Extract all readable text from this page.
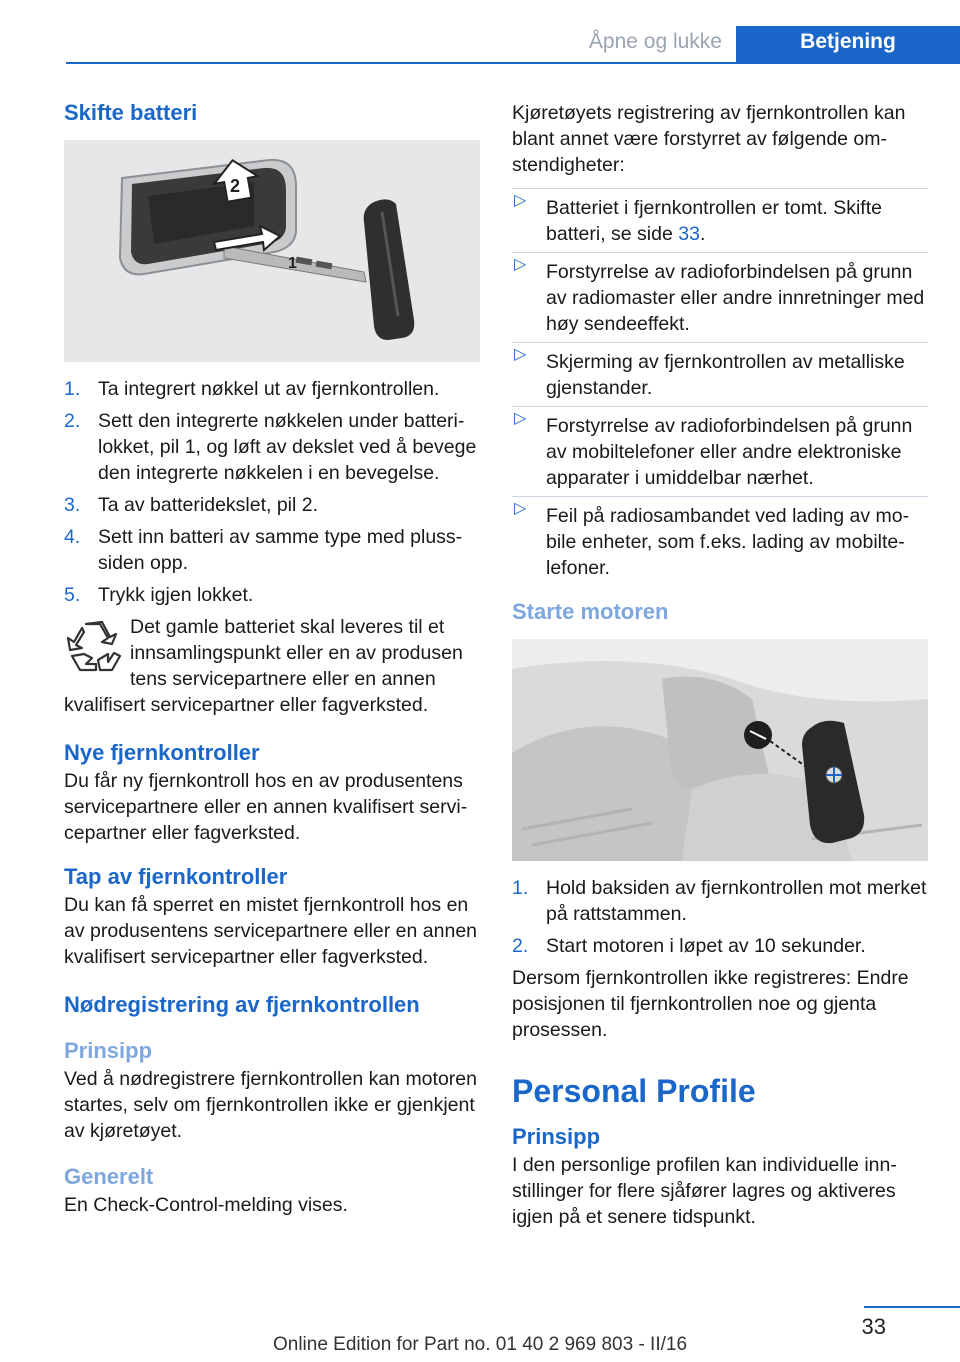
Åpne og lukke	Betjening
Skifte batteri
1
2
1. Ta integrert nøkkel ut av fjernkontrollen.
2. Sett den integrerte nøkkelen under batterilokket, pil 1, og løft av dekslet ved å bevege den integrerte nøkkelen i en bevegelse.
3. Ta av batteridekslet, pil 2.
4. Sett inn batteri av samme type med plusssiden opp.
5. Trykk igjen lokket.
Det gamle batteriet skal leveres til et
innsamlingspunkt eller en av produsen
tens servicepartnere eller en annen
kvalifisert servicepartner eller fagverksted.
Nye fjernkontroller

Du får ny fjernkontroll hos en av produsentens servicepartnere eller en annen kvalifisert servicepartner eller fagverksted.

Tap av fjernkontroller

Du kan få sperret en mistet fjernkontroll hos en av produsentens servicepartnere eller en annen kvalifisert servicepartner eller fagverksted.

Nødregistrering av fjernkontrollen
Prinsipp

Ved å nødregistrere fjernkontrollen kan motoren startes, selv om fjernkontrollen ikke er gjenkjent av kjøretøyet.

Generelt

En Check-Control-melding vises.

Kjøretøyets registrering av fjernkontrollen kan blant annet være forstyrret av følgende omstendigheter:

▷ Batteriet i fjernkontrollen er tomt. Skifte batteri, se side 33.
▷ Forstyrrelse av radioforbindelsen på grunn av radiomaster eller andre innretninger med høy sendeeffekt.
▷ Skjerming av fjernkontrollen av metalliske gjenstander.
▷ Forstyrrelse av radioforbindelsen på grunn av mobiltelefoner eller andre elektroniske apparater i umiddelbar nærhet.
▷ Feil på radiosambandet ved lading av mobile enheter, som f.eks. lading av mobiltelefoner.
Starte motoren
1. Hold baksiden av fjernkontrollen mot merket på rattstammen.
2. Start motoren i løpet av 10 sekunder.

Dersom fjernkontrollen ikke registreres: Endre posisjonen til fjernkontrollen noe og gjenta prosessen.

Personal Profile
Prinsipp

I den personlige profilen kan individuelle innstillinger for flere sjåfører lagres og aktiveres igjen på et senere tidspunkt.

33
Online Edition for Part no. 01 40 2 969 803 - II/16
